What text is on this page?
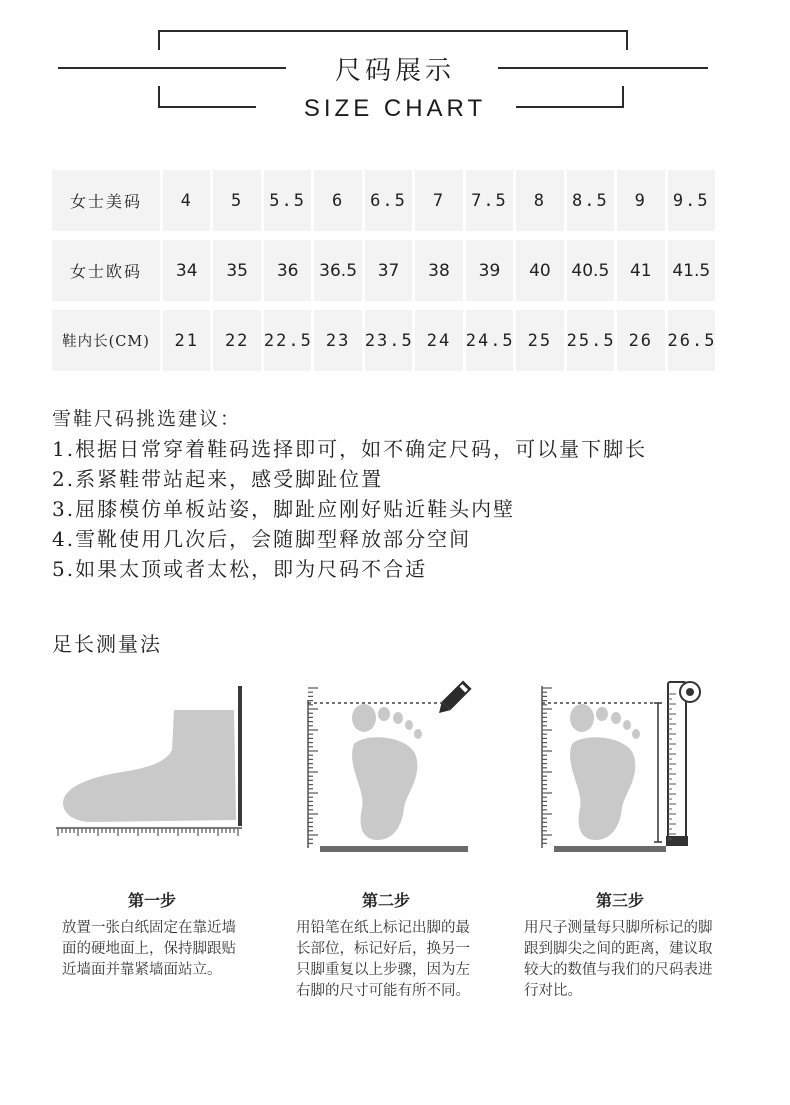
尺码展示
SIZE CHART
女士美码	4	5	5.5	6	6.5	7	7.5	8	8.5	9	9.5
女士欧码	34	35	36	36.5	37	38	39	40	40.5	41	41.5
鞋内长(CM)	21	22	22.5	23	23.5	24	24.5	25	25.5	26	26.5
雪鞋尺码挑选建议：
1.根据日常穿着鞋码选择即可，如不确定尺码，可以量下脚长
2.系紧鞋带站起来，感受脚趾位置
3.屈膝模仿单板站姿，脚趾应刚好贴近鞋头内壁
4.雪靴使用几次后，会随脚型释放部分空间
5.如果太顶或者太松，即为尺码不合适
足长测量法
第一步

放置一张白纸固定在靠近墙面的硬地面上，保持脚跟贴近墙面并靠紧墙面站立。

第二步

用铅笔在纸上标记出脚的最长部位，标记好后，换另一只脚重复以上步骤，因为左右脚的尺寸可能有所不同。

第三步

用尺子测量每只脚所标记的脚跟到脚尖之间的距离，建议取较大的数值与我们的尺码表进行对比。
